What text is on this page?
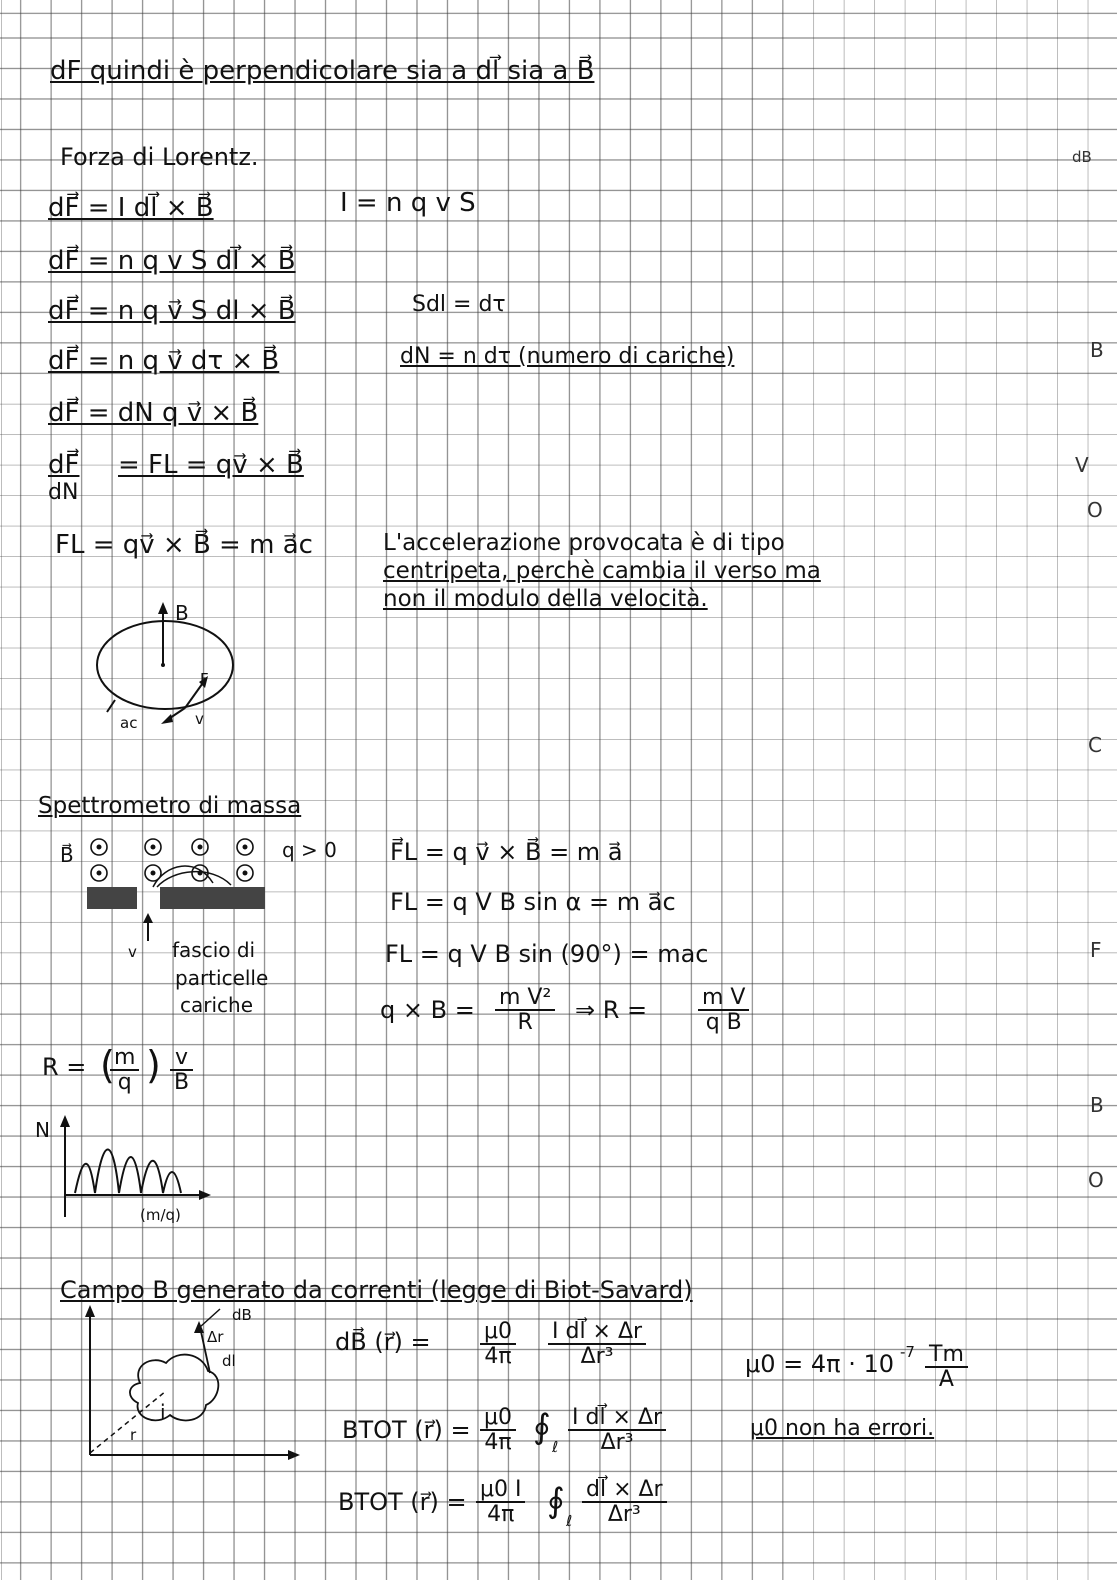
dF quindi è perpendicolare sia a dl⃗ sia a B⃗
Forza di Lorentz.
dF⃗ = I dl⃗ × B⃗	I = n q v S
dF⃗ = n q v S dl⃗ × B⃗
dF⃗ = n q v⃗ S dl × B⃗	Sdl = dτ
dF⃗ = n q v⃗ dτ × B⃗	dN = n dτ (numero di cariche)
dF⃗ = dN q v⃗ × B⃗
dF⃗ = FL = qv⃗ × B⃗
dN
FL = qv⃗ × B⃗ = m a⃗c	L'accelerazione provocata è di tipo
centripeta, perchè cambia il verso ma
non il modulo della velocità.
B
F
v
ac
Spettrometro di massa
B⃗	q > 0
v fascio di
particelle
cariche
F⃗L = q v⃗ × B⃗ = m a⃗
FL = q V B sin α = m a⃗c
FL = q V B sin (90°) = mac
$q \times B = \frac{\text{m V²}}{R}$ ⇒ $R = \frac{\text{m V}}{\text{q B}}$
R = (
$\frac{m}{q}$ ) $\frac{v}{B}$
N
(m/q)
Campo B generato da correnti (legge di Biot-Savard)
dB
Δr
dl
r
i
dB⃗ (r⃗) = $\frac{\mu 0}{4\pi} \frac{\text{I dl⃗ × Δr}}{\text{Δr³}}$	μ0 = 4π · 10 $-7 \frac{Tm}{A}$
BTOT (r⃗) = $\frac{\mu 0}{4\pi}$ ∮ ℓ $\frac{\text{I dl⃗ × Δr}}{\text{Δr³}}$	μ0 non ha errori.
BTOT (r⃗) = $\frac{\mu 0 I}{4\pi}$ ∮ ℓ $\frac{dl⃗ \times \Delta r}{\text{Δr³}}$
dB
B
V
O
C
F
B
O
